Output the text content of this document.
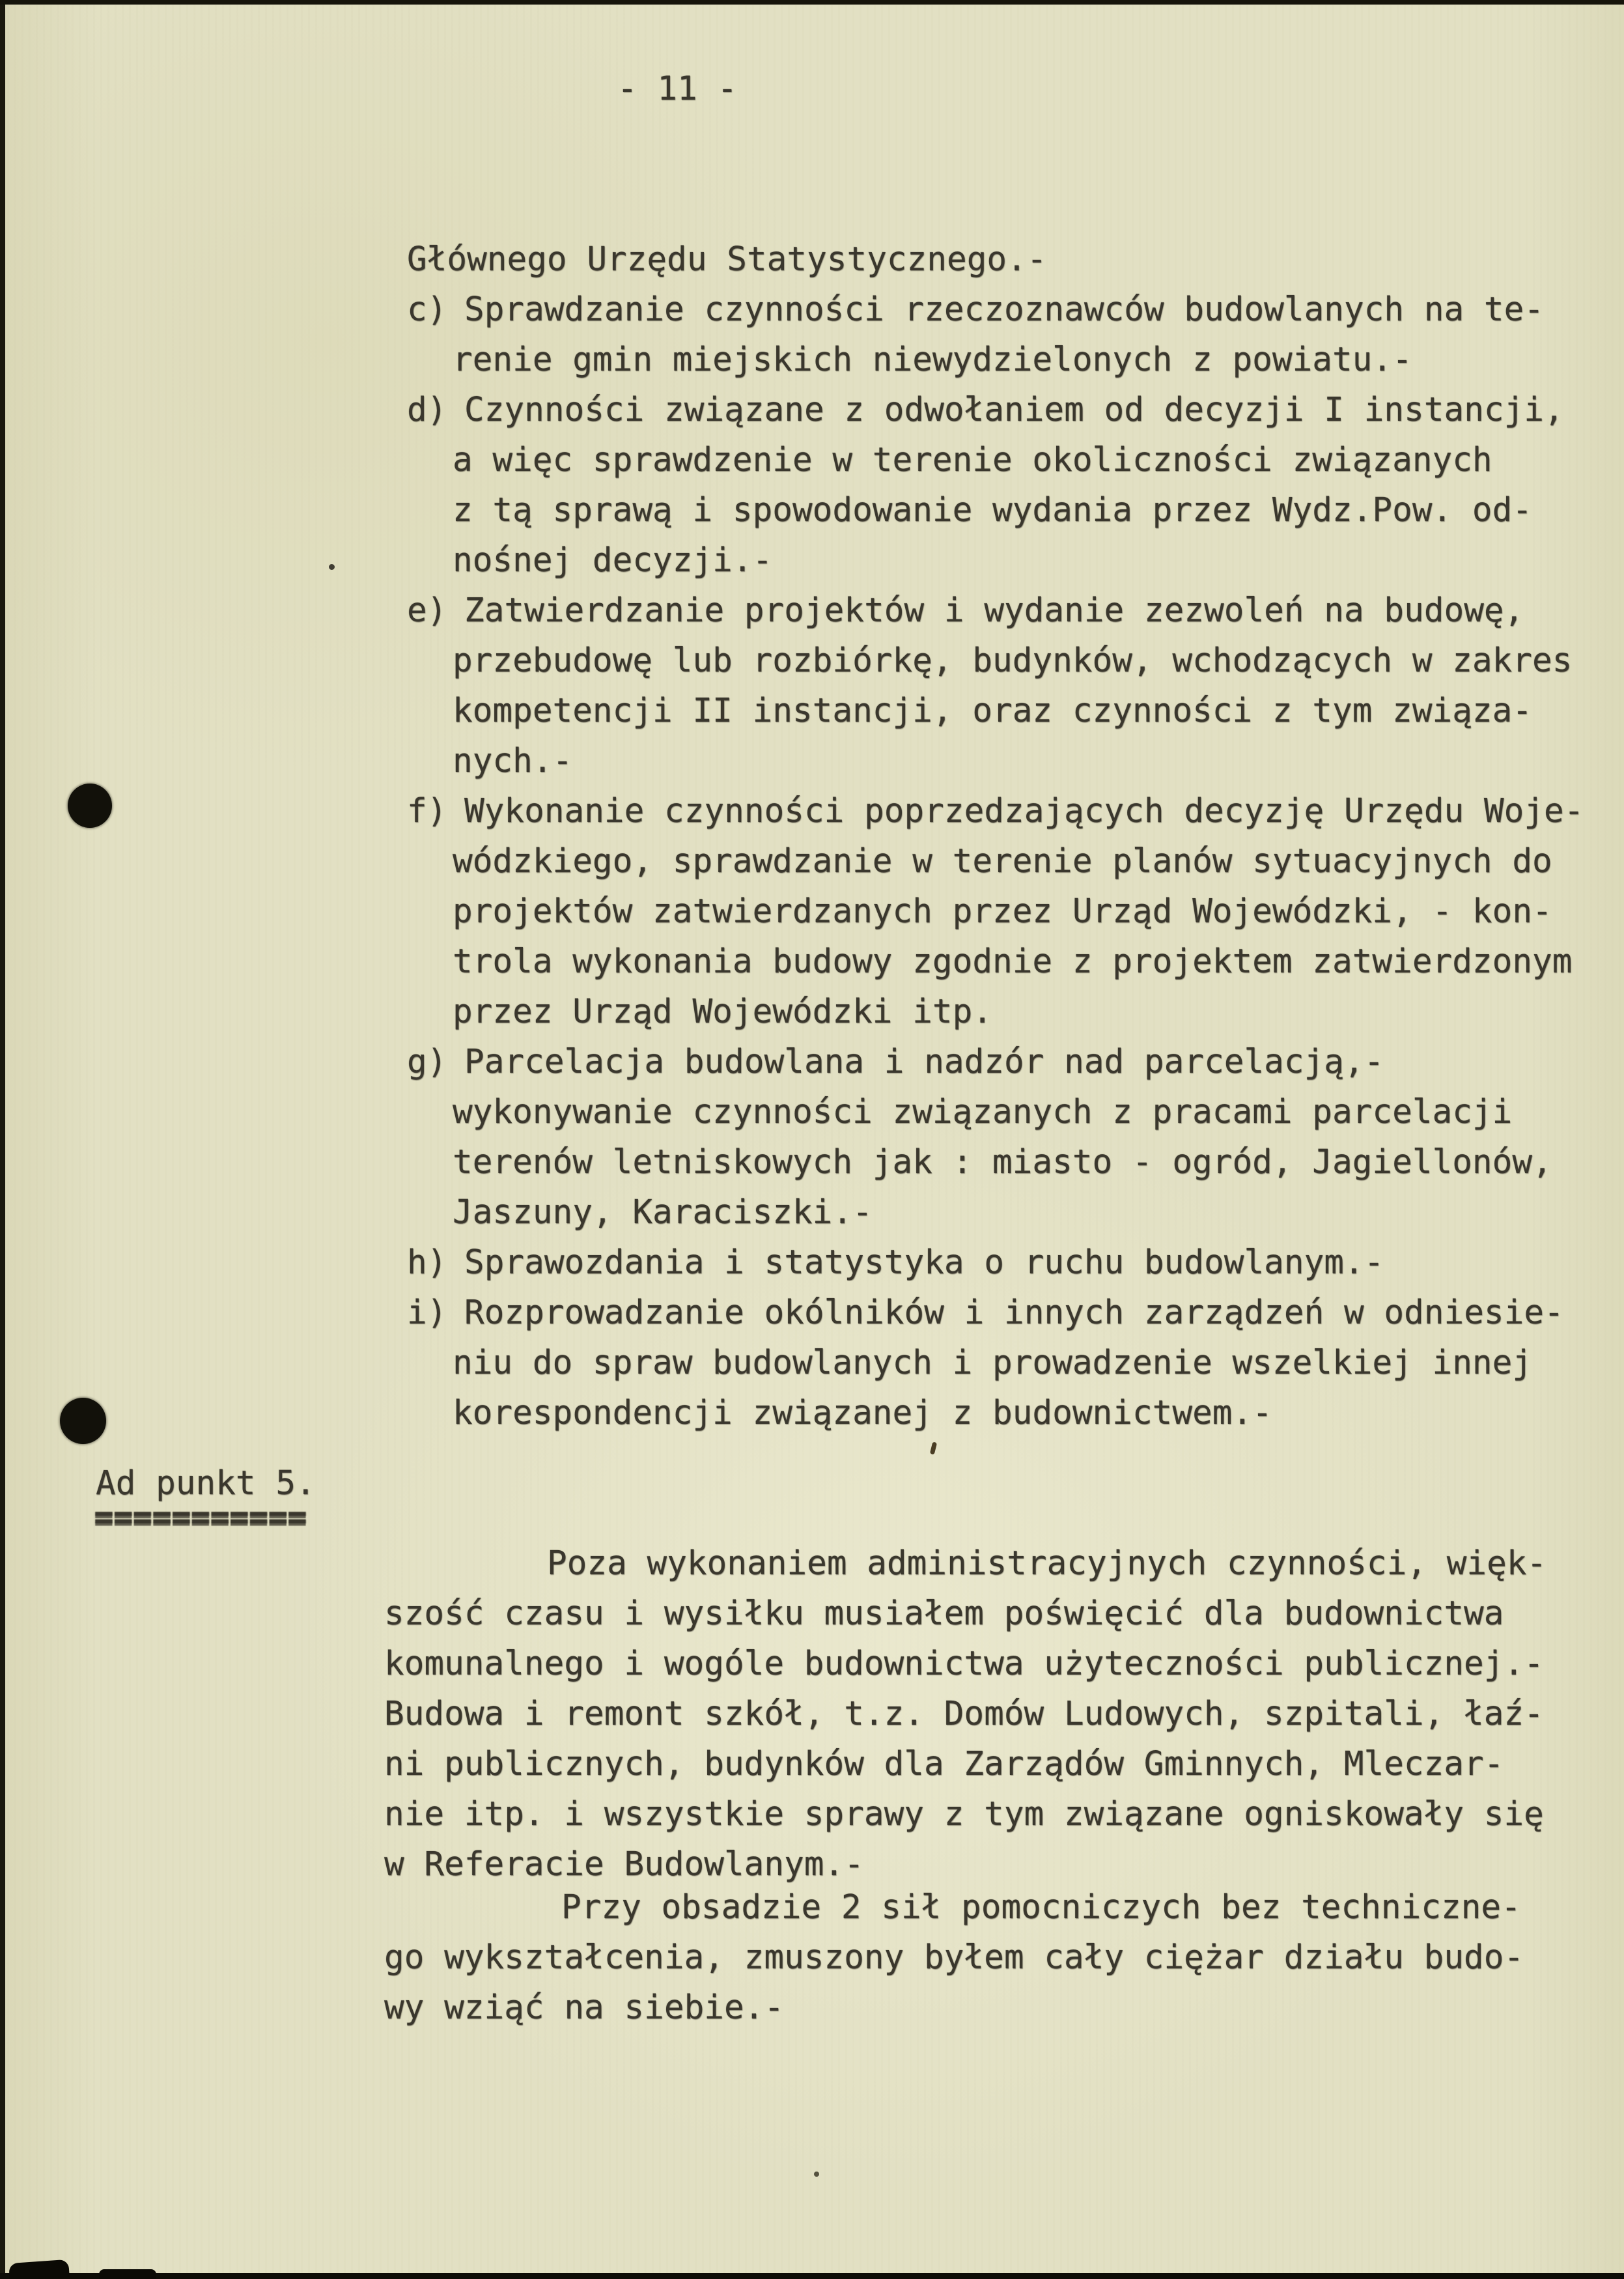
- 11 -
Głównego Urzędu Statystycznego.-
c) Sprawdzanie czynności rzeczoznawców budowlanych na te-
renie gmin miejskich niewydzielonych z powiatu.-
d) Czynności związane z odwołaniem od decyzji I instancji,
a więc sprawdzenie w terenie okoliczności związanych
z tą sprawą i spowodowanie wydania przez Wydz.Pow. od-
nośnej decyzji.-
e) Zatwierdzanie projektów i wydanie zezwoleń na budowę,
przebudowę lub rozbiórkę, budynków, wchodzących w zakres
kompetencji II instancji, oraz czynności z tym związa-
nych.-
f) Wykonanie czynności poprzedzających decyzję Urzędu Woje-
wódzkiego, sprawdzanie w terenie planów sytuacyjnych do
projektów zatwierdzanych przez Urząd Wojewódzki, - kon-
trola wykonania budowy zgodnie z projektem zatwierdzonym
przez Urząd Wojewódzki itp.
g) Parcelacja budowlana i nadzór nad parcelacją,-
wykonywanie czynności związanych z pracami parcelacji
terenów letniskowych jak : miasto - ogród, Jagiellonów,
Jaszuny, Karaciszki.-
h) Sprawozdania i statystyka o ruchu budowlanym.-
i) Rozprowadzanie okólników i innych zarządzeń w odniesie-
niu do spraw budowlanych i prowadzenie wszelkiej innej
korespondencji związanej z budownictwem.-
Ad punkt 5.
===========
Poza wykonaniem administracyjnych czynności, więk-
szość czasu i wysiłku musiałem poświęcić dla budownictwa
komunalnego i wogóle budownictwa użyteczności publicznej.-
Budowa i remont szkół, t.z. Domów Ludowych, szpitali, łaź-
ni publicznych, budynków dla Zarządów Gminnych, Mleczar-
nie itp. i wszystkie sprawy z tym związane ogniskowały się
w Referacie Budowlanym.-
Przy obsadzie 2 sił pomocniczych bez techniczne-
go wykształcenia, zmuszony byłem cały ciężar działu budo-
wy wziąć na siebie.-
